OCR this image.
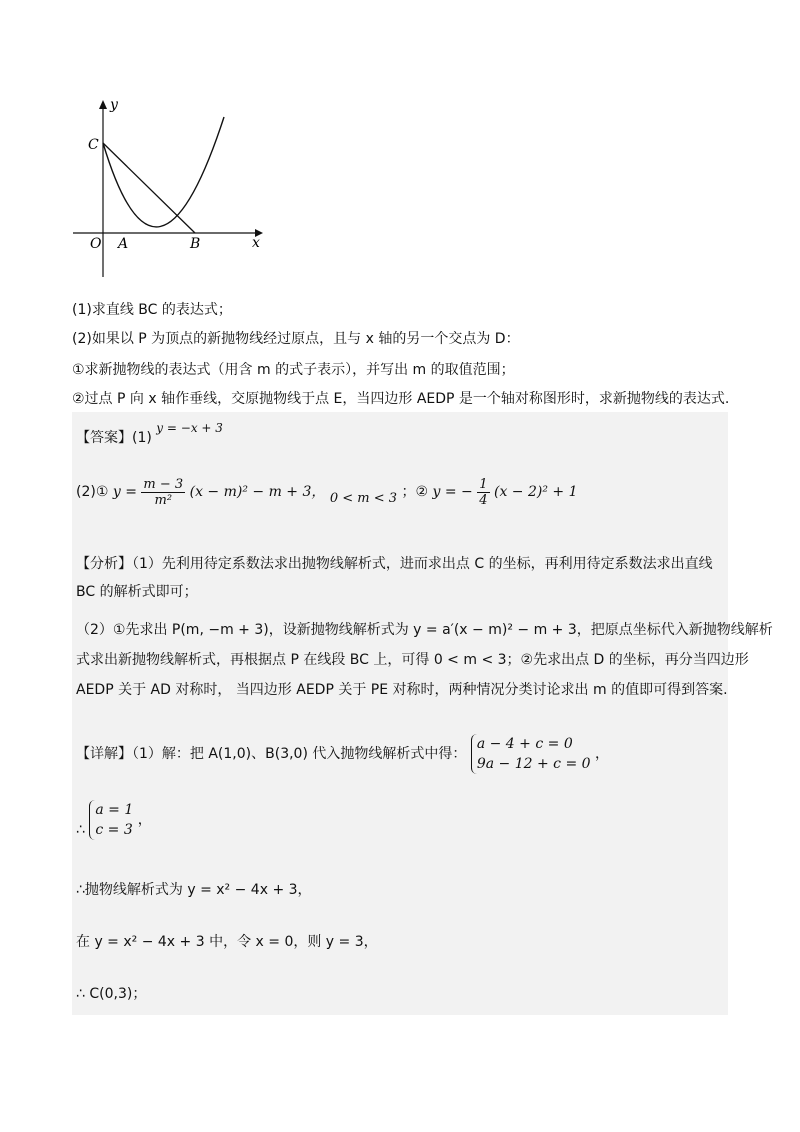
y
x
O A	B
C
(1)求直线 BC 的表达式；
(2)如果以 P 为顶点的新抛物线经过原点，且与 x 轴的另一个交点为 D：
①求新抛物线的表达式（用含 m 的式子表示），并写出 m 的取值范围；
②过点 P 向 x 轴作垂线，交原抛物线于点 E，当四边形 AEDP 是一个轴对称图形时，求新抛物线的表达式.
【答案】(1) y = −x + 3
(2)① $y = \frac{m - 3}{\text{m²}} (x - m)^2 - m + 3$， 0 < m < 3 ；② y = − $\frac{1}{4} (x - 2)^2 + 1$
【分析】（1）先利用待定系数法求出抛物线解析式，进而求出点 C 的坐标，再利用待定系数法求出直线
BC 的解析式即可；
（2）①先求出 P(m, −m + 3)，设新抛物线解析式为 y = a′(x − m)² − m + 3，把原点坐标代入新抛物线解析
式求出新抛物线解析式，再根据点 P 在线段 BC 上，可得 0 < m < 3；②先求出点 D 的坐标，再分当四边形
AEDP 关于 AD 对称时， 当四边形 AEDP 关于 PE 对称时，两种情况分类讨论求出 m 的值即可得到答案.
【详解】（1）解：把 A(1,0)、B(3,0) 代入抛物线解析式中得：
a − 4 + c = 0
9a − 12 + c = 0
，
∴
a = 1
c = 3
，
∴抛物线解析式为 y = x² − 4x + 3，
在 y = x² − 4x + 3 中，令 x = 0，则 y = 3，
∴ C(0,3)；
